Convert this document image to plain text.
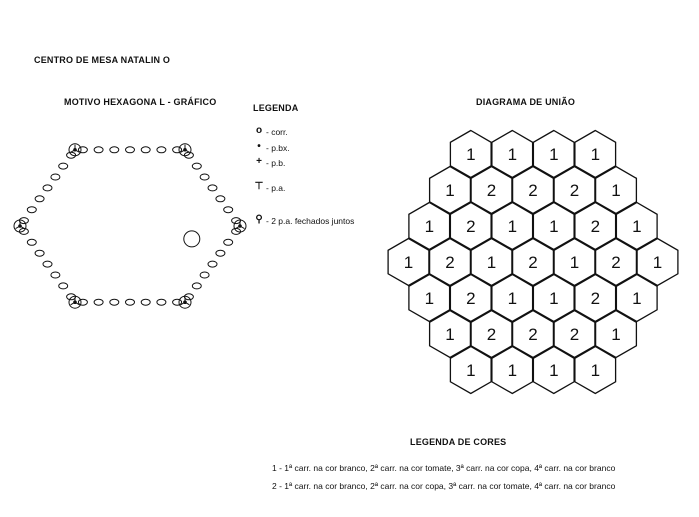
CENTRO DE MESA NATALIN O
MOTIVO HEXAGONA L - GRÁFICO
LEGENDA
o - corr.
• - p.bx.
+ - p.b.
⊤ - p.a.
⚲ - 2 p.a. fechados juntos
DIAGRAMA DE UNIÃO
1 1 1 1
1 2 2 2 1
1 2 1 1 2 1
1 2 1 2 1 2 1
1 2 1 1 2 1
1 2 2 2 1
1 1 1 1
LEGENDA DE CORES
1 - 1ª carr. na cor branco, 2ª carr. na cor tomate, 3ª carr. na cor copa, 4ª carr. na cor branco
2 - 1ª carr. na cor branco, 2ª carr. na cor copa, 3ª carr. na cor tomate, 4ª carr. na cor branco
